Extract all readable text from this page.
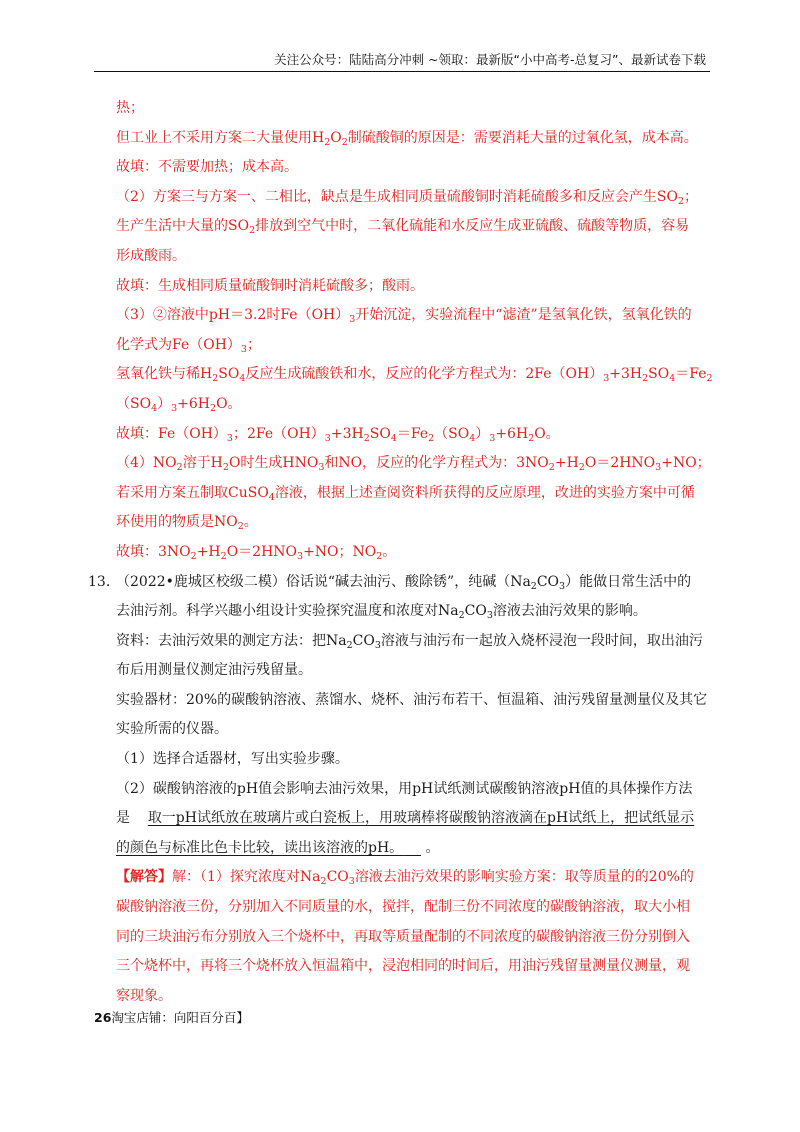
关注公众号：陆陆高分冲刺 ~领取：最新版“小中高考-总复习”、最新试卷下载
热；
但工业上不采用方案二大量使用$H_2O_2$制硫酸铜的原因是：需要消耗大量的过氧化氢，成本高。
故填：不需要加热；成本高。
（2）方案三与方案一、二相比，缺点是生成相同质量硫酸铜时消耗硫酸多和反应会产生$SO_2$；
生产生活中大量的$SO_2$排放到空气中时，二氧化硫能和水反应生成亚硫酸、硫酸等物质，容易
形成酸雨。
故填：生成相同质量硫酸铜时消耗硫酸多；酸雨。
（3）②溶液中pH＝3.2时$Fe(OH)_3$开始沉淀，实验流程中“滤渣”是氢氧化铁，氢氧化铁的
化学式为$Fe(OH)_3$；
氢氧化铁与稀$H_2SO_4$反应生成硫酸铁和水，反应的化学方程式为：$2Fe(OH)_3+3H_2SO_4=Fe_2$
$(SO_4)_3+6H_2O$。
故填：$Fe(OH)_3$；$2Fe(OH)_3+3H_2SO_4=Fe_2(SO_4)_3+6H_2O$。
$(4)NO_2$溶于$H_2O$时生成$HNO_3$和NO，反应的化学方程式为：$3NO_2+H_2O=2HNO_3+NO$；
若采用方案五制取CuSO$_4$溶液，根据上述查阅资料所获得的反应原理，改进的实验方案中可循
环使用的物质是$NO_2$。
故填：$3NO_2+H_2O=2HNO_3+NO$；$NO_2$。
13. （2022•鹿城区校级二模）俗话说“碱去油污、酸除锈”，纯碱$(Na_2CO_3)$能做日常生活中的
去油污剂。科学兴趣小组设计实验探究温度和浓度对$Na_2CO_3$溶液去油污效果的影响。
资料：去油污效果的测定方法：把$Na_2CO_3$溶液与油污布一起放入烧杯浸泡一段时间，取出油污
布后用测量仪测定油污残留量。
实验器材：20%的碳酸钠溶液、蒸馏水、烧杯、油污布若干、恒温箱、油污残留量测量仪及其它
实验所需的仪器。
（1）选择合适器材，写出实验步骤。
（2）碳酸钠溶液的pH值会影响去油污效果，用pH试纸测试碳酸钠溶液pH值的具体操作方法
是 取一pH试纸放在玻璃片或白瓷板上，用玻璃棒将碳酸钠溶液滴在pH试纸上，把试纸显示
的颜色与标准比色卡比较，读出该溶液的pH。 。
【解答】解：（1）探究浓度对$Na_2CO_3$溶液去油污效果的影响实验方案：取等质量的的20%的
碳酸钠溶液三份，分别加入不同质量的水，搅拌，配制三份不同浓度的碳酸钠溶液，取大小相
同的三块油污布分别放入三个烧杯中，再取等质量配制的不同浓度的碳酸钠溶液三份分别倒入
三个烧杯中，再将三个烧杯放入恒温箱中，浸泡相同的时间后，用油污残留量测量仪测量，观
察现象。
26淘宝店铺：向阳百分百】
